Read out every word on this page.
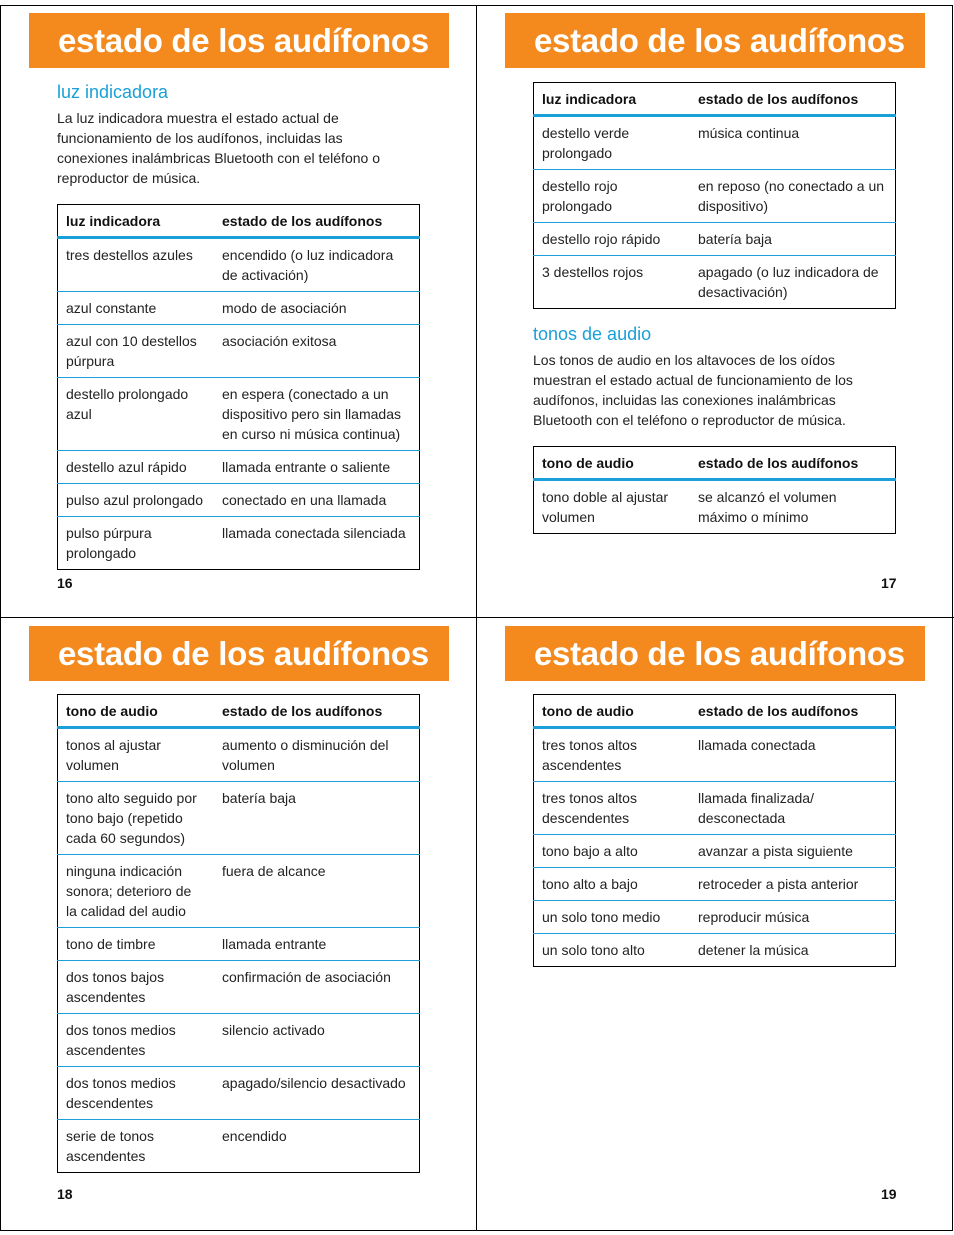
estado de los audífonos
luz indicadora
La luz indicadora muestra el estado actual de funcionamiento de los audífonos, incluidas las conexiones inalámbricas Bluetooth con el teléfono o reproductor de música.
luz indicadora	estado de los audífonos
tres destellos azules	encendido (o luz indicadora de activación)
azul constante	modo de asociación
azul con 10 destellos púrpura	asociación exitosa
destello prolongado azul	en espera (conectado a un dispositivo pero sin llamadas en curso ni música continua)
destello azul rápido	llamada entrante o saliente
pulso azul prolongado	conectado en una llamada
pulso púrpura prolongado	llamada conectada silenciada
16
estado de los audífonos
luz indicadora	estado de los audífonos
destello verde prolongado	música continua
destello rojo prolongado	en reposo (no conectado a un dispositivo)
destello rojo rápido	batería baja
3 destellos rojos	apagado (o luz indicadora de desactivación)
tonos de audio
Los tonos de audio en los altavoces de los oídos muestran el estado actual de funcionamiento de los audífonos, incluidas las conexiones inalámbricas Bluetooth con el teléfono o reproductor de música.
tono de audio	estado de los audífonos
tono doble al ajustar volumen	se alcanzó el volumen máximo o mínimo
17
estado de los audífonos
tono de audio	estado de los audífonos
tonos al ajustar volumen	aumento o disminución del volumen
tono alto seguido por tono bajo (repetido cada 60 segundos)	batería baja
ninguna indicación sonora; deterioro de la calidad del audio	fuera de alcance
tono de timbre	llamada entrante
dos tonos bajos ascendentes	confirmación de asociación
dos tonos medios ascendentes	silencio activado
dos tonos medios descendentes	apagado/silencio desactivado
serie de tonos ascendentes	encendido
18
estado de los audífonos
tono de audio	estado de los audífonos
tres tonos altos ascendentes	llamada conectada
tres tonos altos descendentes	llamada finalizada/ desconectada
tono bajo a alto	avanzar a pista siguiente
tono alto a bajo	retroceder a pista anterior
un solo tono medio	reproducir música
un solo tono alto	detener la música
19
